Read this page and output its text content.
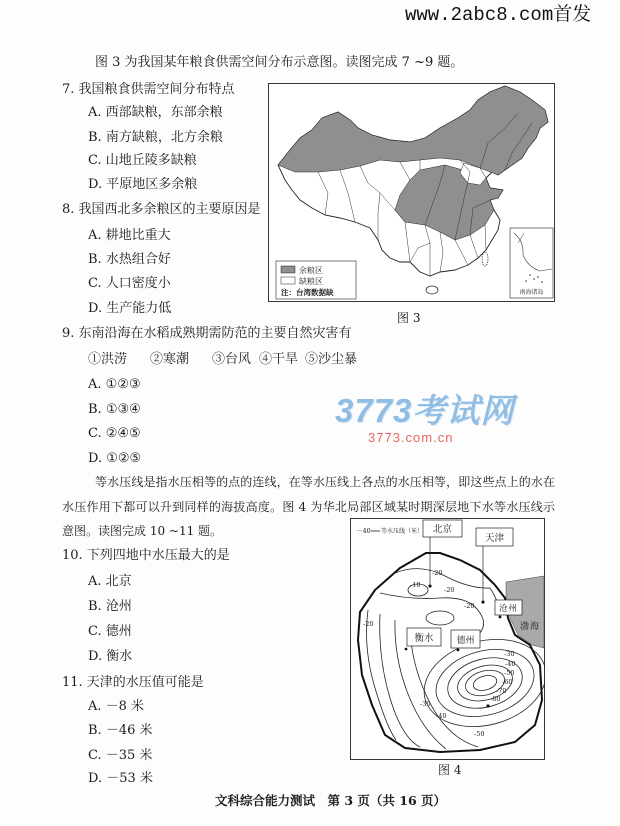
www.2abc8.com首发
图 3 为我国某年粮食供需空间分布示意图。读图完成 7 ~9 题。
7. 我国粮食供需空间分布特点
A. 西部缺粮，东部余粮
B. 南方缺粮，北方余粮
C. 山地丘陵多缺粮
D. 平原地区多余粮
8. 我国西北多余粮区的主要原因是
A. 耕地比重大
B. 水热组合好
C. 人口密度小
D. 生产能力低
余粮区
缺粮区
注：台湾数据缺	南海诸岛
图 3
9. 东南沿海在水稻成熟期需防范的主要自然灾害有
①洪涝 ②寒潮 ③台风 ④干旱 ⑤沙尘暴
A. ①②③
B. ①③④
C. ②④⑤
D. ①②⑤
3773考试网
3773.com.cn
等水压线是指水压相等的点的连线，在等水压线上各点的水压相等，即这些点上的水在
水压作用下都可以升到同样的海拔高度。图 4 为华北局部区域某时期深层地下水等水压线示
意图。读图完成 10 ~11 题。
10. 下列四地中水压最大的是
A. 北京
B. 沧州
C. 德州
D. 衡水
11. 天津的水压值可能是
A. －8 米
B. －46 米
C. －35 米
D. －53 米
－40 等水压线（米） 北京
天津
沧州
渤海
衡水	德州
-20
-10
-20
-20
-30
-40
-50
-60
-70
-80
-20
-30
-40
-50
图 4
文科综合能力测试　第 3 页（共 16 页）
